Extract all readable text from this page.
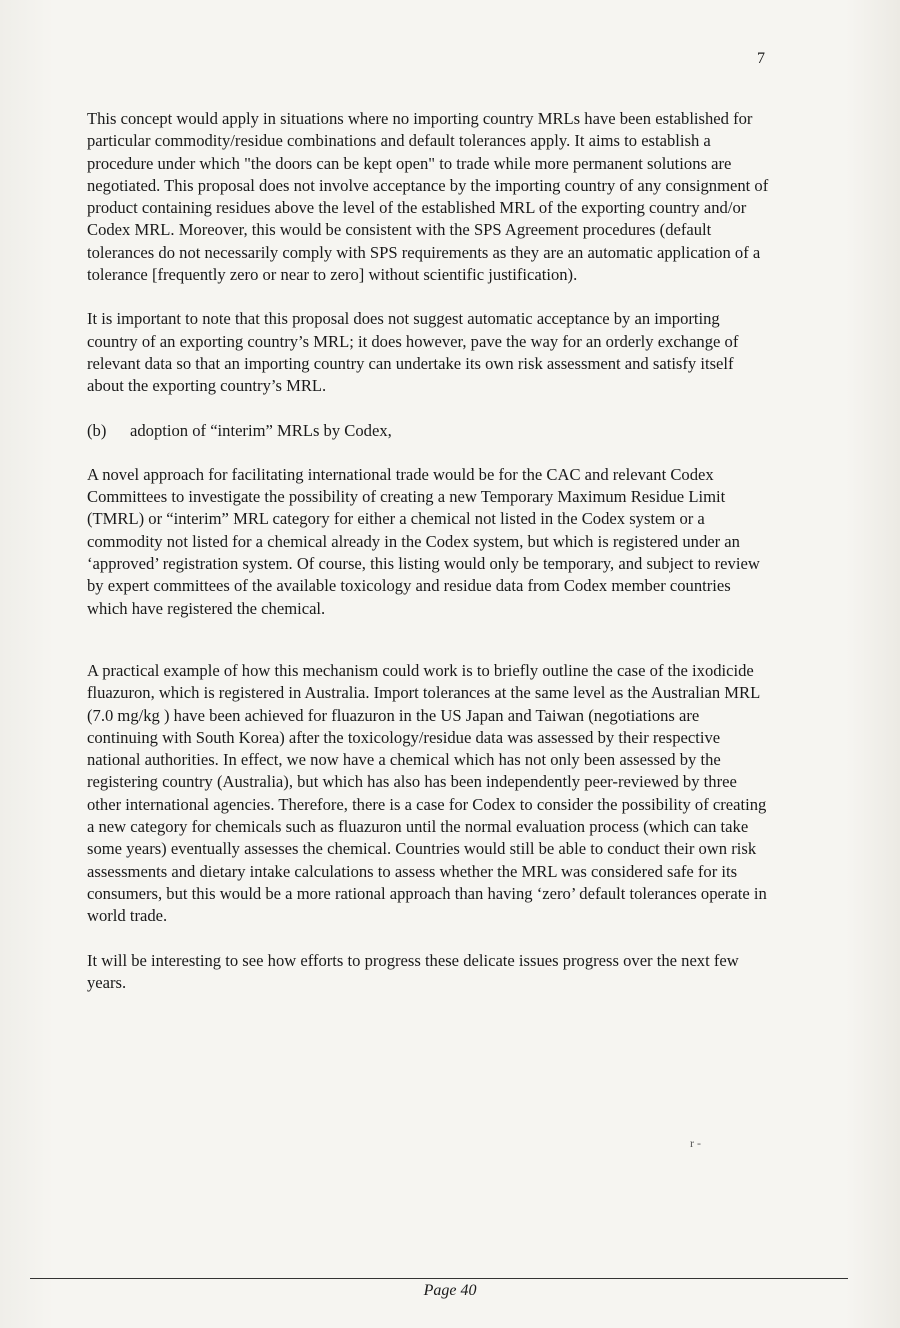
7

This concept would apply in situations where no importing country MRLs have been established for particular commodity/residue combinations and default tolerances apply. It aims to establish a procedure under which "the doors can be kept open" to trade while more permanent solutions are negotiated. This proposal does not involve acceptance by the importing country of any consignment of product containing residues above the level of the established MRL of the exporting country and/or Codex MRL. Moreover, this would be consistent with the SPS Agreement procedures (default tolerances do not necessarily comply with SPS requirements as they are an automatic application of a tolerance [frequently zero or near to zero] without scientific justification).

It is important to note that this proposal does not suggest automatic acceptance by an importing country of an exporting country’s MRL; it does however, pave the way for an orderly exchange of relevant data so that an importing country can undertake its own risk assessment and satisfy itself about the exporting country’s MRL.

(b)	adoption of “interim” MRLs by Codex,

A novel approach for facilitating international trade would be for the CAC and relevant Codex Committees to investigate the possibility of creating a new Temporary Maximum Residue Limit (TMRL) or “interim” MRL category for either a chemical not listed in the Codex system or a commodity not listed for a chemical already in the Codex system, but which is registered under an ‘approved’ registration system. Of course, this listing would only be temporary, and subject to review by expert committees of the available toxicology and residue data from Codex member countries which have registered the chemical.

A practical example of how this mechanism could work is to briefly outline the case of the ixodicide fluazuron, which is registered in Australia. Import tolerances at the same level as the Australian MRL (7.0 mg/kg ) have been achieved for fluazuron in the US Japan and Taiwan (negotiations are continuing with South Korea) after the toxicology/residue data was assessed by their respective national authorities. In effect, we now have a chemical which has not only been assessed by the registering country (Australia), but which has also has been independently peer-reviewed by three other international agencies. Therefore, there is a case for Codex to consider the possibility of creating a new category for chemicals such as fluazuron until the normal evaluation process (which can take some years) eventually assesses the chemical. Countries would still be able to conduct their own risk assessments and dietary intake calculations to assess whether the MRL was considered safe for its consumers, but this would be a more rational approach than having ‘zero’ default tolerances operate in world trade.

It will be interesting to see how efforts to progress these delicate issues progress over the next few years.

r -
Page 40
